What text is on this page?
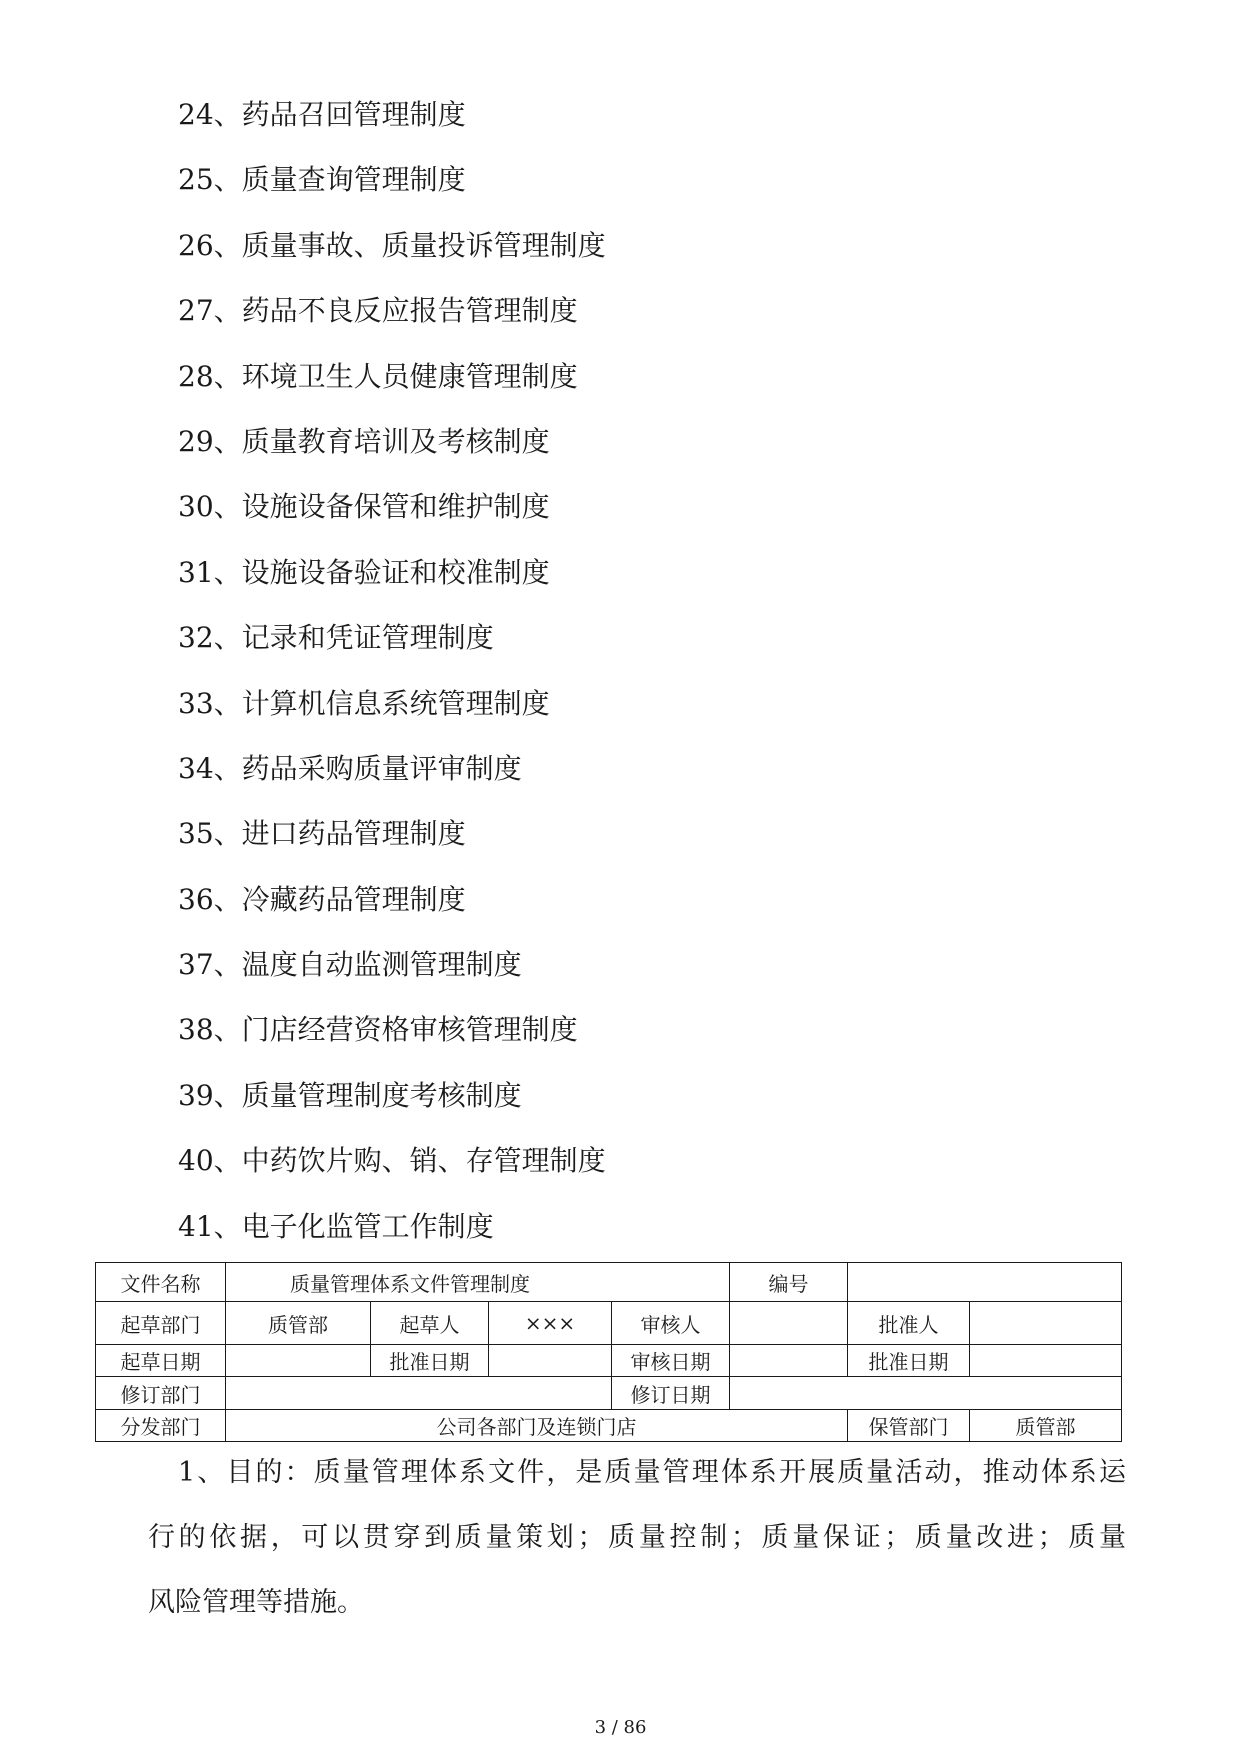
24、药品召回管理制度
25、质量查询管理制度
26、质量事故、质量投诉管理制度
27、药品不良反应报告管理制度
28、环境卫生人员健康管理制度
29、质量教育培训及考核制度
30、设施设备保管和维护制度
31、设施设备验证和校准制度
32、记录和凭证管理制度
33、计算机信息系统管理制度
34、药品采购质量评审制度
35、进口药品管理制度
36、冷藏药品管理制度
37、温度自动监测管理制度
38、门店经营资格审核管理制度
39、质量管理制度考核制度
40、中药饮片购、销、存管理制度
41、电子化监管工作制度
文件名称	质量管理体系文件管理制度				编号		
起草部门	质管部	起草人	×××	审核人		批准人	
起草日期		批准日期		审核日期		批准日期	
修订部门				修订日期			
分发部门	公司各部门及连锁门店					保管部门	质管部

1、目的：质量管理体系文件，是质量管理体系开展质量活动，推动体系运

行的依据，可以贯穿到质量策划；质量控制；质量保证；质量改进；质量

风险管理等措施。

3 / 86
